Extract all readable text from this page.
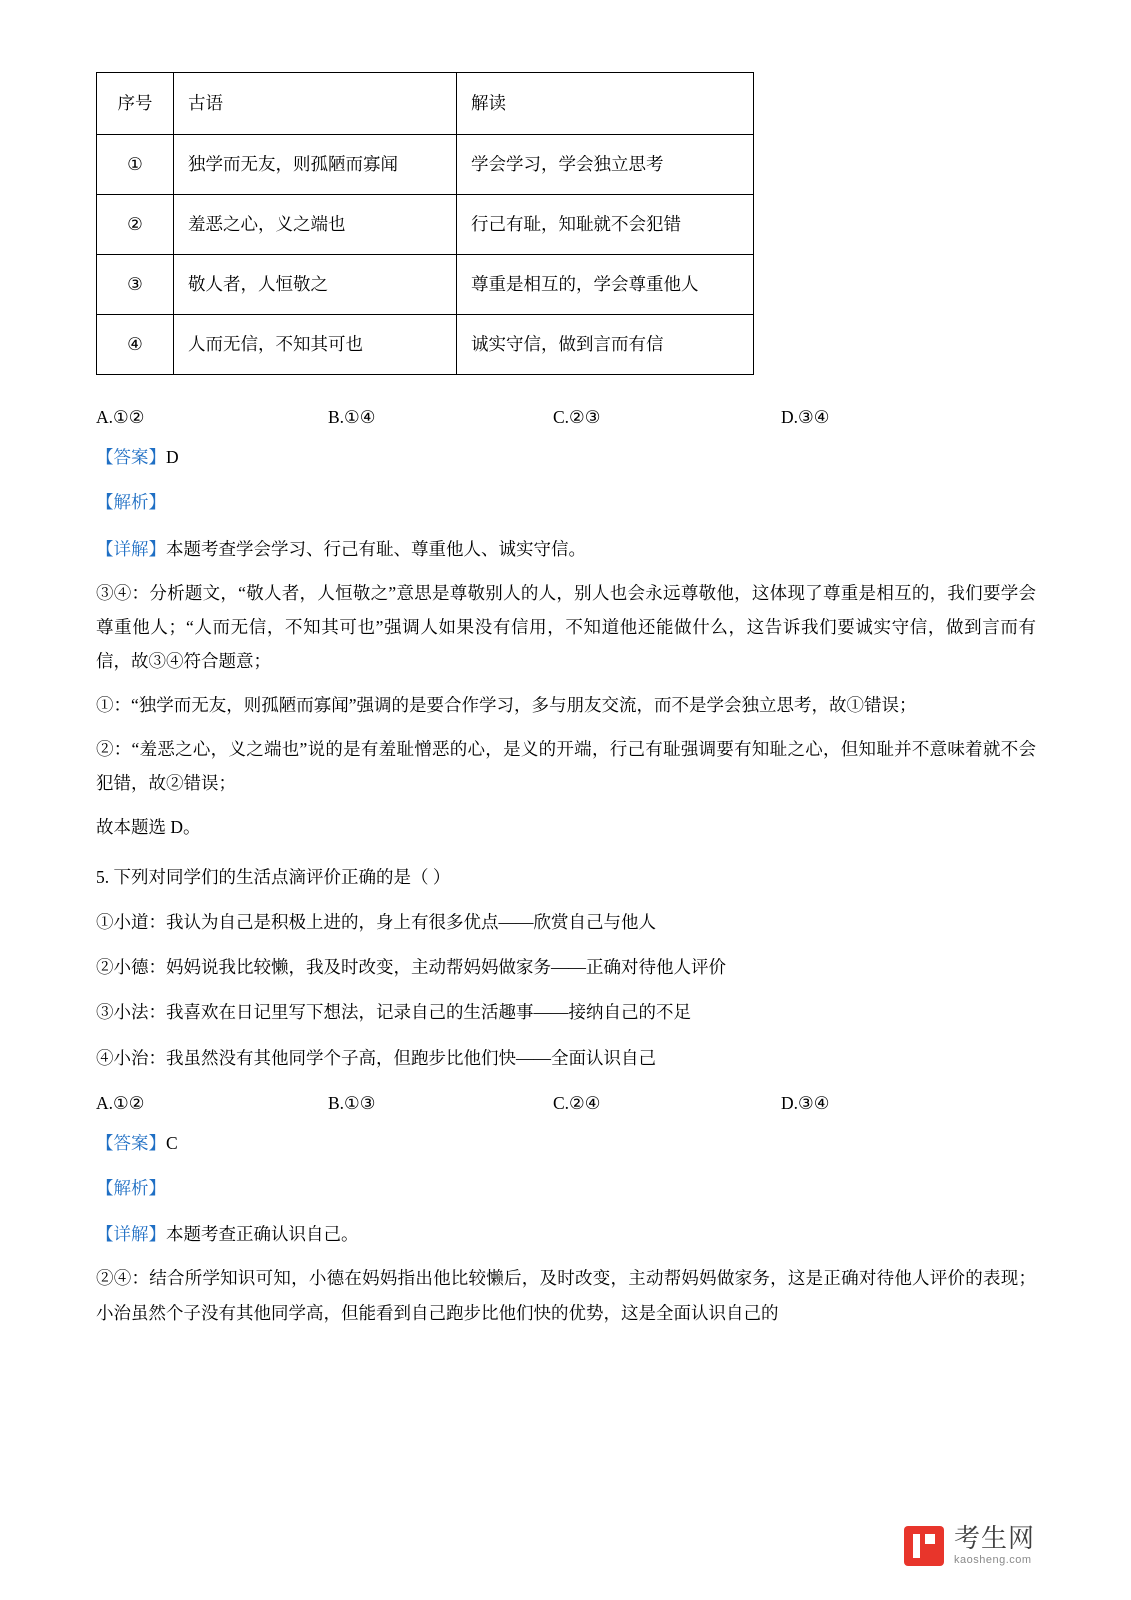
序号	古语	解读
①	独学而无友，则孤陋而寡闻	学会学习，学会独立思考
②	羞恶之心，义之端也	行己有耻，知耻就不会犯错
③	敬人者，人恒敬之	尊重是相互的，学会尊重他人
④	人而无信，不知其可也	诚实守信，做到言而有信
A.①②	B.①④	C.②③	D.③④

【答案】D

【解析】

【详解】本题考查学会学习、行己有耻、尊重他人、诚实守信。

③④：分析题文，“敬人者，人恒敬之”意思是尊敬别人的人，别人也会永远尊敬他，这体现了尊重是相互的，我们要学会尊重他人；“人而无信，不知其可也”强调人如果没有信用，不知道他还能做什么，这告诉我们要诚实守信，做到言而有信，故③④符合题意；

①：“独学而无友，则孤陋而寡闻”强调的是要合作学习，多与朋友交流，而不是学会独立思考，故①错误；

②：“羞恶之心，义之端也”说的是有羞耻憎恶的心，是义的开端，行己有耻强调要有知耻之心，但知耻并不意味着就不会犯错，故②错误；

故本题选 D。

5. 下列对同学们的生活点滴评价正确的是（ ）

①小道：我认为自己是积极上进的，身上有很多优点——欣赏自己与他人

②小德：妈妈说我比较懒，我及时改变，主动帮妈妈做家务——正确对待他人评价

③小法：我喜欢在日记里写下想法，记录自己的生活趣事——接纳自己的不足

④小治：我虽然没有其他同学个子高，但跑步比他们快——全面认识自己

A.①②	B.①③	C.②④	D.③④

【答案】C

【解析】

【详解】本题考查正确认识自己。

②④：结合所学知识可知，小德在妈妈指出他比较懒后，及时改变，主动帮妈妈做家务，这是正确对待他人评价的表现；小治虽然个子没有其他同学高，但能看到自己跑步比他们快的优势，这是全面认识自己的

考生网
kaosheng.com
